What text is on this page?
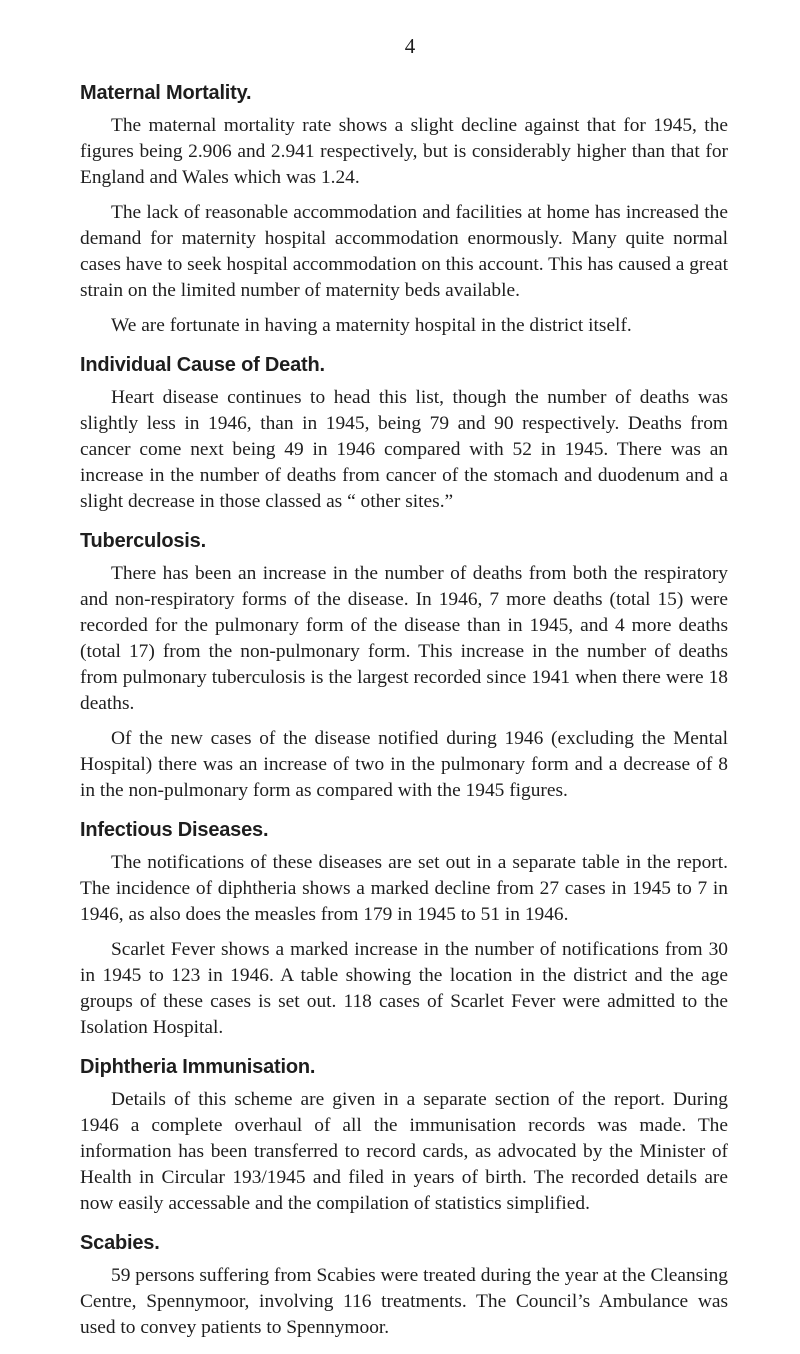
4
Maternal Mortality.

The maternal mortality rate shows a slight decline against that for 1945, the figures being 2.906 and 2.941 respectively, but is considerably higher than that for England and Wales which was 1.24.

The lack of reasonable accommodation and facilities at home has increased the demand for maternity hospital accommodation enormously. Many quite normal cases have to seek hospital accommodation on this account. This has caused a great strain on the limited number of maternity beds available.

We are fortunate in having a maternity hospital in the district itself.

Individual Cause of Death.

Heart disease continues to head this list, though the number of deaths was slightly less in 1946, than in 1945, being 79 and 90 respectively. Deaths from cancer come next being 49 in 1946 compared with 52 in 1945. There was an increase in the number of deaths from cancer of the stomach and duodenum and a slight decrease in those classed as “ other sites.”

Tuberculosis.

There has been an increase in the number of deaths from both the respiratory and non-respiratory forms of the disease. In 1946, 7 more deaths (total 15) were recorded for the pulmonary form of the disease than in 1945, and 4 more deaths (total 17) from the non-pulmonary form. This increase in the number of deaths from pulmonary tuberculosis is the largest recorded since 1941 when there were 18 deaths.

Of the new cases of the disease notified during 1946 (excluding the Mental Hospital) there was an increase of two in the pulmonary form and a decrease of 8 in the non-pulmonary form as compared with the 1945 figures.

Infectious Diseases.

The notifications of these diseases are set out in a separate table in the report. The incidence of diphtheria shows a marked decline from 27 cases in 1945 to 7 in 1946, as also does the measles from 179 in 1945 to 51 in 1946.

Scarlet Fever shows a marked increase in the number of notifications from 30 in 1945 to 123 in 1946. A table showing the location in the district and the age groups of these cases is set out. 118 cases of Scarlet Fever were admitted to the Isolation Hospital.

Diphtheria Immunisation.

Details of this scheme are given in a separate section of the report. During 1946 a complete overhaul of all the immunisation records was made. The information has been transferred to record cards, as advocated by the Minister of Health in Circular 193/1945 and filed in years of birth. The recorded details are now easily accessable and the compilation of statistics simplified.

Scabies.

59 persons suffering from Scabies were treated during the year at the Cleansing Centre, Spennymoor, involving 116 treatments. The Council’s Ambulance was used to convey patients to Spennymoor.
